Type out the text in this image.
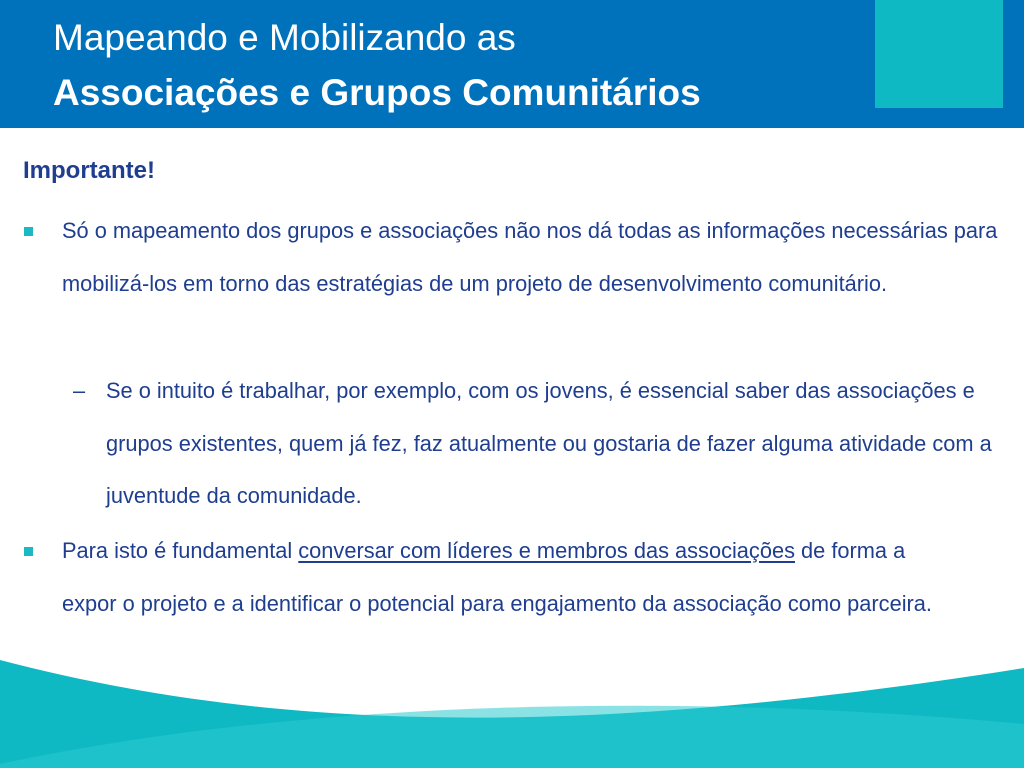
Mapeando e Mobilizando as
Associações e Grupos Comunitários
Importante!
Só o mapeamento dos grupos e associações não nos dá todas as informações necessárias para mobilizá-los em torno das estratégias de um projeto de desenvolvimento comunitário.
– Se o intuito é trabalhar, por exemplo, com os jovens, é essencial saber das associações e grupos existentes, quem já fez, faz atualmente ou gostaria de fazer alguma atividade com a juventude da comunidade.
Para isto é fundamental conversar com líderes e membros das associações de forma a expor o projeto e a identificar o potencial para engajamento da associação como parceira.
